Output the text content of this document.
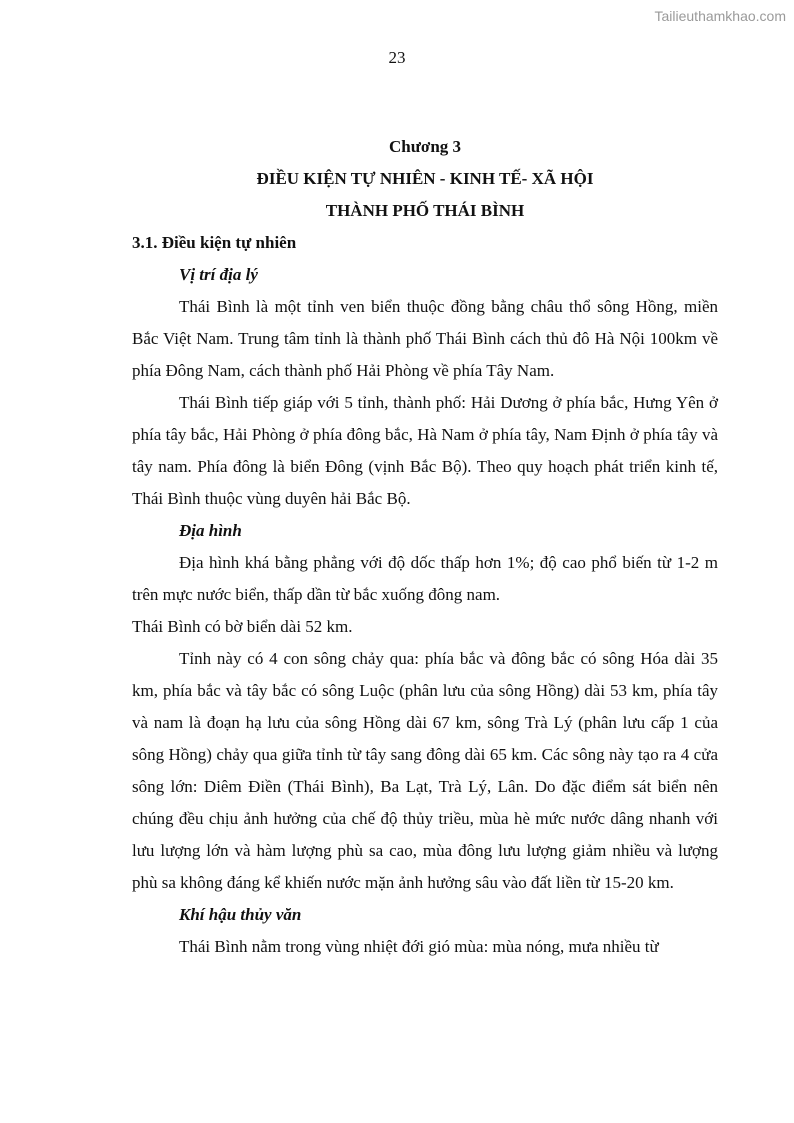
Tailieuthamkhao.com
23

Chương 3

ĐIỀU KIỆN TỰ NHIÊN - KINH TẾ- XÃ HỘI

THÀNH PHỐ THÁI BÌNH

3.1. Điều kiện tự nhiên

Vị trí địa lý

Thái Bình là một tỉnh ven biển thuộc đồng bằng châu thổ sông Hồng, miền Bắc Việt Nam. Trung tâm tỉnh là thành phố Thái Bình cách thủ đô Hà Nội 100km về phía Đông Nam, cách thành phố Hải Phòng về phía Tây Nam.

Thái Bình tiếp giáp với 5 tỉnh, thành phố: Hải Dương ở phía bắc, Hưng Yên ở phía tây bắc, Hải Phòng ở phía đông bắc, Hà Nam ở phía tây, Nam Định ở phía tây và tây nam. Phía đông là biển Đông (vịnh Bắc Bộ). Theo quy hoạch phát triển kinh tế, Thái Bình thuộc vùng duyên hải Bắc Bộ.

Địa hình

Địa hình khá bằng phẳng với độ dốc thấp hơn 1%; độ cao phổ biến từ 1-2 m trên mực nước biển, thấp dần từ bắc xuống đông nam.

Thái Bình có bờ biển dài 52 km.

Tỉnh này có 4 con sông chảy qua: phía bắc và đông bắc có sông Hóa dài 35 km, phía bắc và tây bắc có sông Luộc (phân lưu của sông Hồng) dài 53 km, phía tây và nam là đoạn hạ lưu của sông Hồng dài 67 km, sông Trà Lý (phân lưu cấp 1 của sông Hồng) chảy qua giữa tỉnh từ tây sang đông dài 65 km. Các sông này tạo ra 4 cửa sông lớn: Diêm Điền (Thái Bình), Ba Lạt, Trà Lý, Lân. Do đặc điểm sát biển nên chúng đều chịu ảnh hưởng của chế độ thủy triều, mùa hè mức nước dâng nhanh với lưu lượng lớn và hàm lượng phù sa cao, mùa đông lưu lượng giảm nhiều và lượng phù sa không đáng kể khiến nước mặn ảnh hưởng sâu vào đất liền từ 15-20 km.

Khí hậu thủy văn

Thái Bình nằm trong vùng nhiệt đới gió mùa: mùa nóng, mưa nhiều từ
